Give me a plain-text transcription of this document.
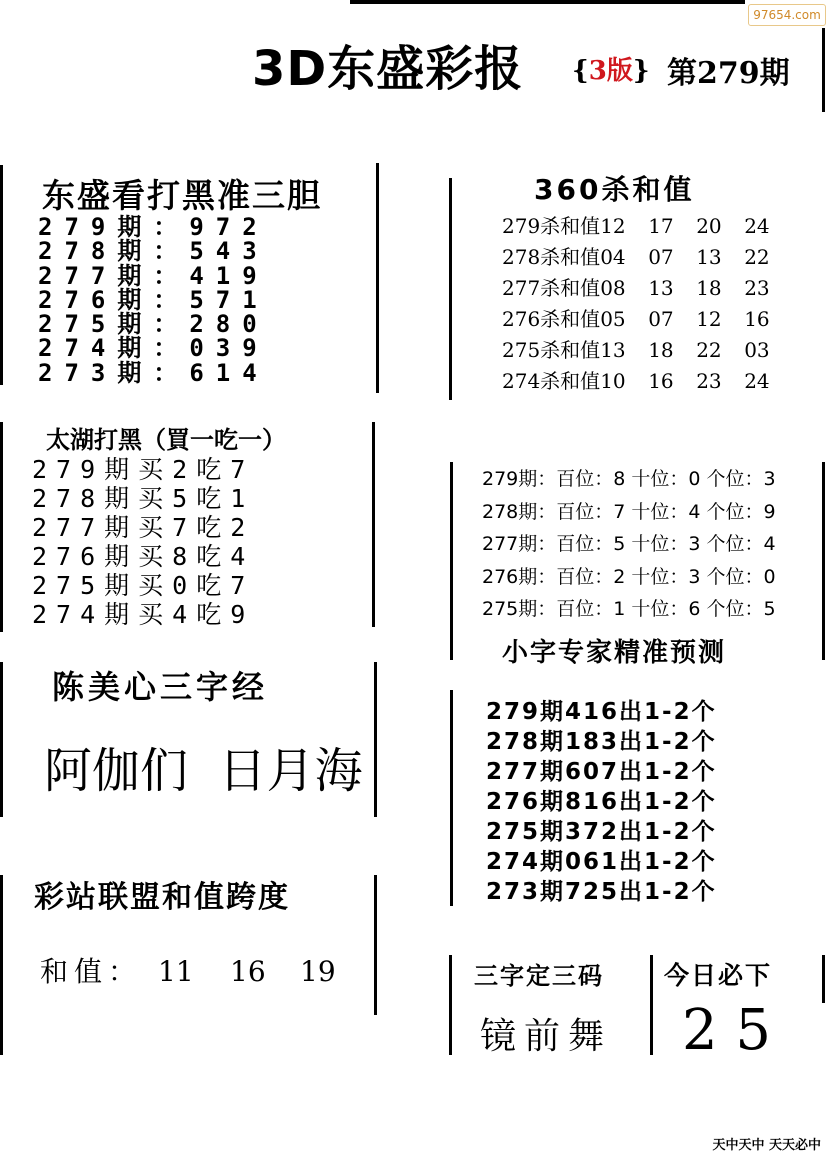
97654.com
3D东盛彩报 {3版} 第279期
东盛看打黑准三胆
279期：972
278期：543
277期：419
276期：571
275期：280
274期：039
273期：614
360杀和值
279杀和值12 17 20 24
278杀和值04 07 13 22
277杀和值08 13 18 23
276杀和值05 07 12 16
275杀和值13 18 22 03
274杀和值10 16 23 24
太湖打黑（買一吃一）
279期买2吃7
278期买5吃1
277期买7吃2
276期买8吃4
275期买0吃7
274期买4吃9
279期：百位：8 十位：0 个位：3
278期：百位：7 十位：4 个位：9
277期：百位：5 十位：3 个位：4
276期：百位：2 十位：3 个位：0
275期：百位：1 十位：6 个位：5
小字专家精准预测
279期416出1-2个
278期183出1-2个
277期607出1-2个
276期816出1-2个
275期372出1-2个
274期061出1-2个
273期725出1-2个
陈美心三字经
阿伽们  日月海
彩站联盟和值跨度
和值： 11 16 19	三字定三码
镜前舞
今日必下
2 5
天中天中 天天必中
